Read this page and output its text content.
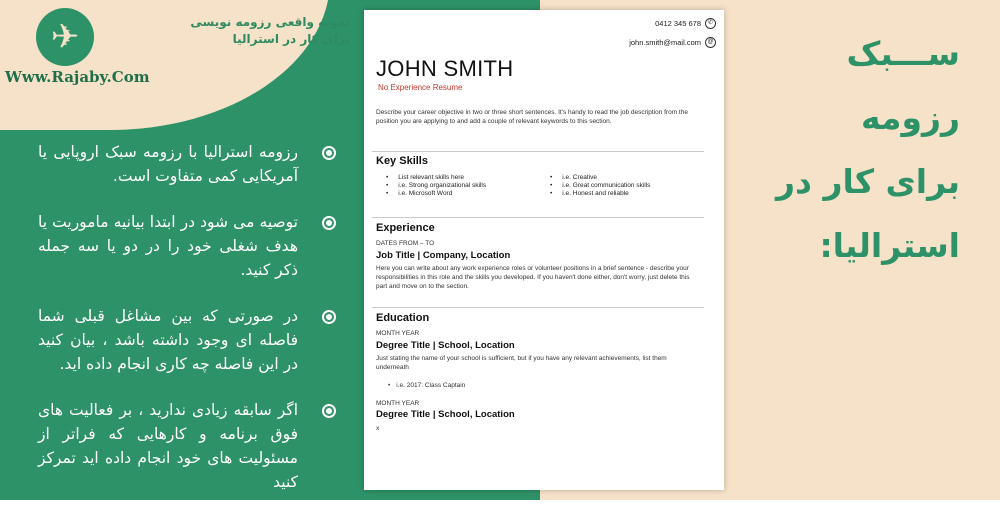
✈
Www.Rajaby.Com
نمونه واقعی رزومه نویسی برای کار در استرالیا
رزومه استرالیا با رزومه سبک اروپایی یا آمریکایی کمی متفاوت است.
توصیه می شود در ابتدا بیانیه ماموریت یا هدف شغلی خود را در دو یا سه جمله ذکر کنید.
در صورتی که بین مشاغل قبلی شما فاصله ای وجود داشته باشد ، بیان کنید در این فاصله چه کاری انجام داده اید.
اگر سابقه زیادی ندارید ، بر فعالیت های فوق برنامه و کارهایی که فراتر از مسئولیت های خود انجام داده اید تمرکز کنید
ســـبک رزومه
برای کار در
استرالیا:
0412 345 678	✆
john.smith@mail.com	@
JOHN SMITH
No Experience Resume
Describe your career objective in two or three short sentences. It's handy to read the job description from the position you are applying to and add a couple of relevant keywords to this section.
Key Skills
• List relevant skills here	• i.e. Creative
• i.e. Strong organizational skills	• i.e. Great communication skills
• i.e. Microsoft Word	• i.e. Honest and reliable
Experience
DATES FROM – TO
Job Title | Company, Location
Here you can write about any work experience roles or volunteer positions in a brief sentence - describe your responsibilities in this role and the skills you developed. If you haven't done either, don't worry, just delete this part and move on to the section.
Education
MONTH YEAR
Degree Title | School, Location
Just stating the name of your school is sufficient, but if you have any relevant achievements, list them underneath
• i.e. 2017: Class Captain
MONTH YEAR
Degree Title | School, Location
x
